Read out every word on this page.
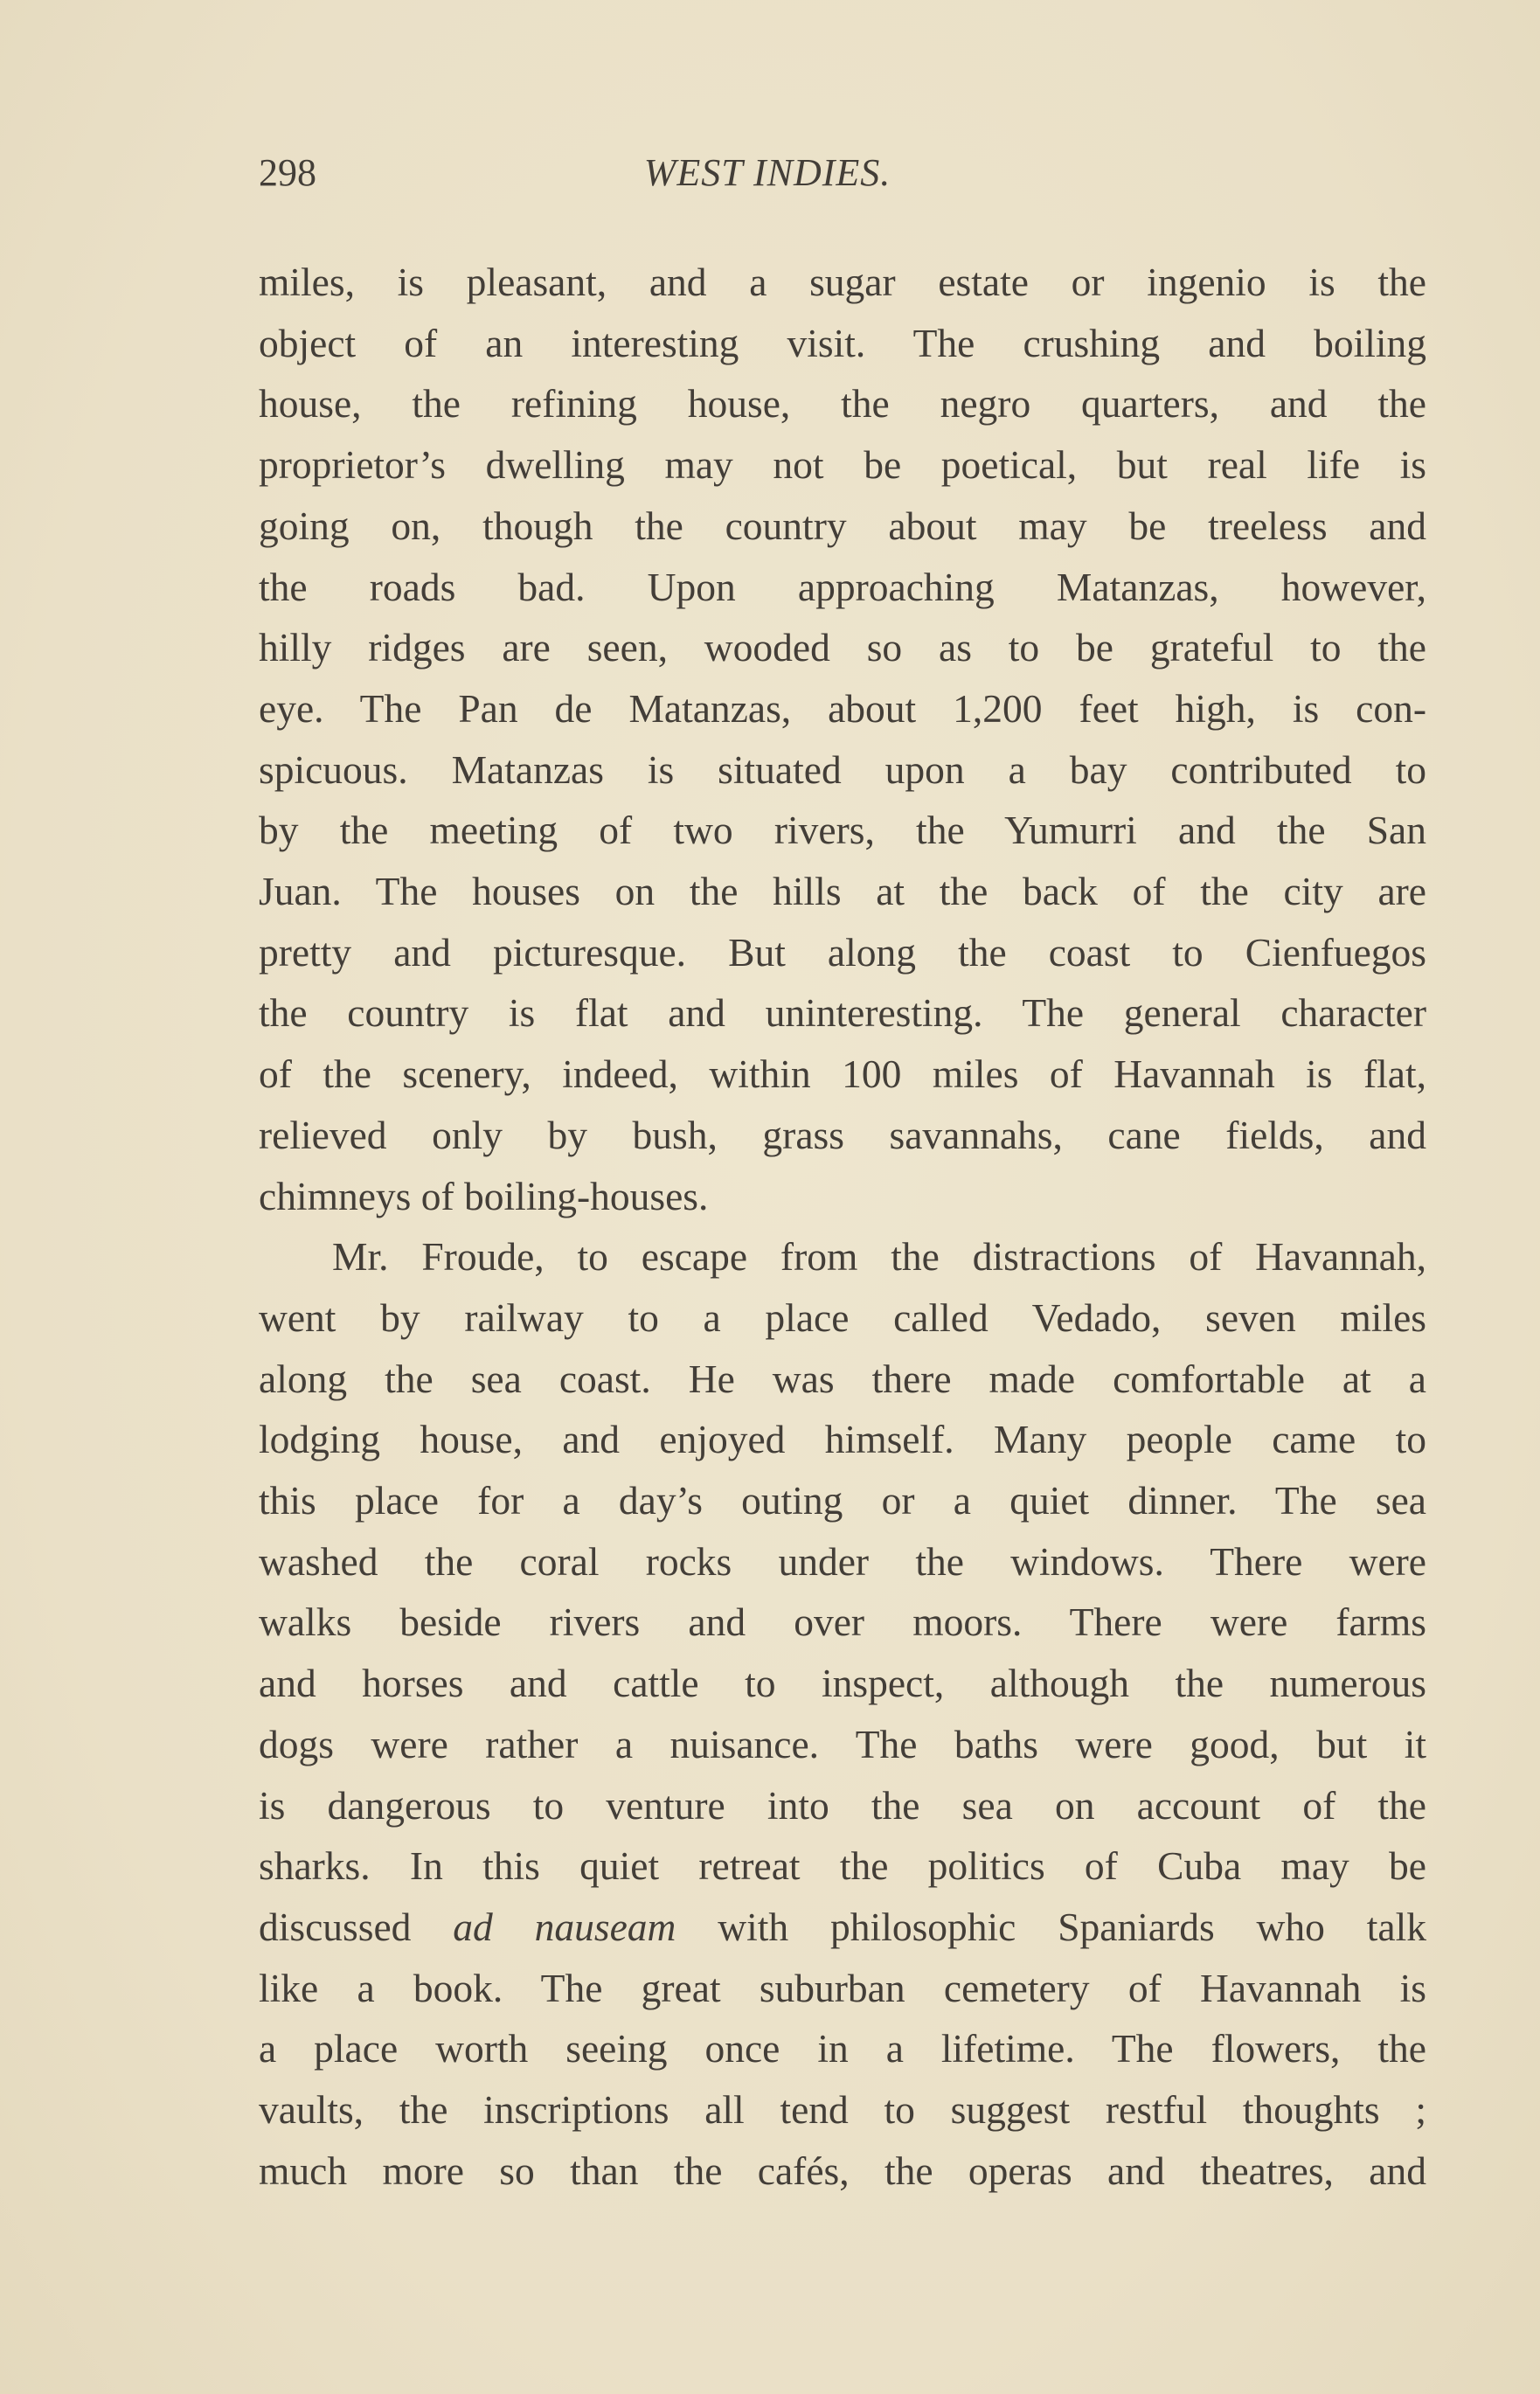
298	WEST INDIES.
miles, is pleasant, and a sugar estate or ingenio is the
object of an interesting visit. The crushing and boiling
house, the refining house, the negro quarters, and the
proprietor’s dwelling may not be poetical, but real life is
going on, though the country about may be treeless and
the roads bad. Upon approaching Matanzas, however,
hilly ridges are seen, wooded so as to be grateful to the
eye. The Pan de Matanzas, about 1,200 feet high, is con-
spicuous. Matanzas is situated upon a bay contributed to
by the meeting of two rivers, the Yumurri and the San
Juan. The houses on the hills at the back of the city are
pretty and picturesque. But along the coast to Cienfuegos
the country is flat and uninteresting. The general character
of the scenery, indeed, within 100 miles of Havannah is flat,
relieved only by bush, grass savannahs, cane fields, and
chimneys of boiling-houses.
Mr. Froude, to escape from the distractions of Havannah,
went by railway to a place called Vedado, seven miles
along the sea coast. He was there made comfortable at a
lodging house, and enjoyed himself. Many people came to
this place for a day’s outing or a quiet dinner. The sea
washed the coral rocks under the windows. There were
walks beside rivers and over moors. There were farms
and horses and cattle to inspect, although the numerous
dogs were rather a nuisance. The baths were good, but it
is dangerous to venture into the sea on account of the
sharks. In this quiet retreat the politics of Cuba may be
discussed ad nauseam with philosophic Spaniards who talk
like a book. The great suburban cemetery of Havannah is
a place worth seeing once in a lifetime. The flowers, the
vaults, the inscriptions all tend to suggest restful thoughts ;
much more so than the cafés, the operas and theatres, and
